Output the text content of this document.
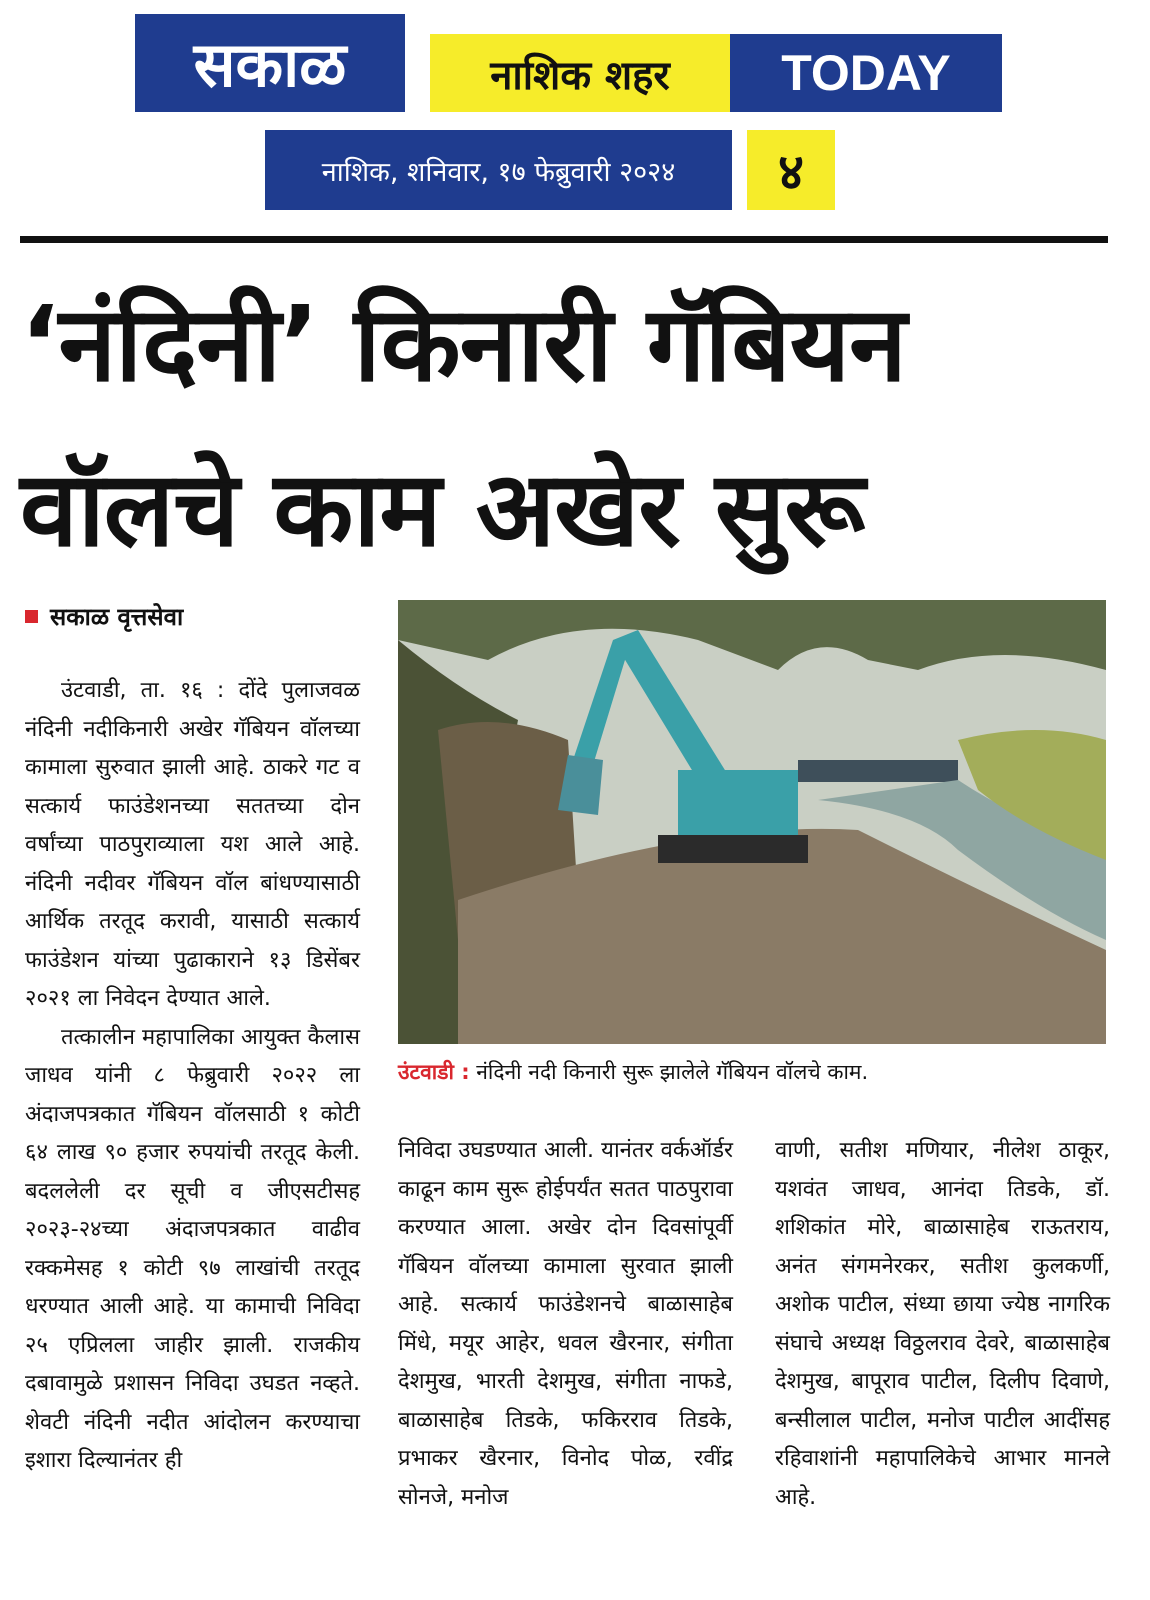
सकाळ	नाशिक शहर	TODAY
नाशिक, शनिवार, १७ फेब्रुवारी २०२४	४
‘नंदिनी’ किनारी गॅबियन
वॉलचे काम अखेर सुरू
सकाळ वृत्तसेवा

उंटवाडी, ता. १६ : दोंदे पुलाजवळ नंदिनी नदीकिनारी अखेर गॅबियन वॉलच्या कामाला सुरुवात झाली आहे. ठाकरे गट व सत्कार्य फाउंडेशनच्या सततच्या दोन वर्षांच्या पाठपुराव्याला यश आले आहे. नंदिनी नदीवर गॅबियन वॉल बांधण्यासाठी आर्थिक तरतूद करावी, यासाठी सत्कार्य फाउंडेशन यांच्या पुढाकाराने १३ डिसेंबर २०२१ ला निवेदन देण्यात आले.

तत्कालीन महापालिका आयुक्त कैलास जाधव यांनी ८ फेब्रुवारी २०२२ ला अंदाजपत्रकात गॅबियन वॉलसाठी १ कोटी ६४ लाख ९० हजार रुपयांची तरतूद केली. बदललेली दर सूची व जीएसटीसह २०२३-२४च्या अंदाजपत्रकात वाढीव रक्कमेसह १ कोटी ९७ लाखांची तरतूद धरण्यात आली आहे. या कामाची निविदा २५ एप्रिलला जाहीर झाली. राजकीय दबावामुळे प्रशासन निविदा उघडत नव्हते. शेवटी नंदिनी नदीत आंदोलन करण्याचा इशारा दिल्यानंतर ही

उंटवाडी : नंदिनी नदी किनारी सुरू झालेले गॅबियन वॉलचे काम.

निविदा उघडण्यात आली. यानंतर वर्कऑर्डर काढून काम सुरू होईपर्यंत सतत पाठपुरावा करण्यात आला. अखेर दोन दिवसांपूर्वी गॅबियन वॉलच्या कामाला सुरवात झाली आहे. सत्कार्य फाउंडेशनचे बाळासाहेब मिंधे, मयूर आहेर, धवल खैरनार, संगीता देशमुख, भारती देशमुख, संगीता नाफडे, बाळासाहेब तिडके, फकिरराव तिडके, प्रभाकर खैरनार, विनोद पोळ, रवींद्र सोनजे, मनोज

वाणी, सतीश मणियार, नीलेश ठाकूर, यशवंत जाधव, आनंदा तिडके, डॉ. शशिकांत मोरे, बाळासाहेब राऊतराय, अनंत संगमनेरकर, सतीश कुलकर्णी, अशोक पाटील, संध्या छाया ज्येष्ठ नागरिक संघाचे अध्यक्ष विठ्ठलराव देवरे, बाळासाहेब देशमुख, बापूराव पाटील, दिलीप दिवाणे, बन्सीलाल पाटील, मनोज पाटील आदींसह रहिवाशांनी महापालिकेचे आभार मानले आहे.
